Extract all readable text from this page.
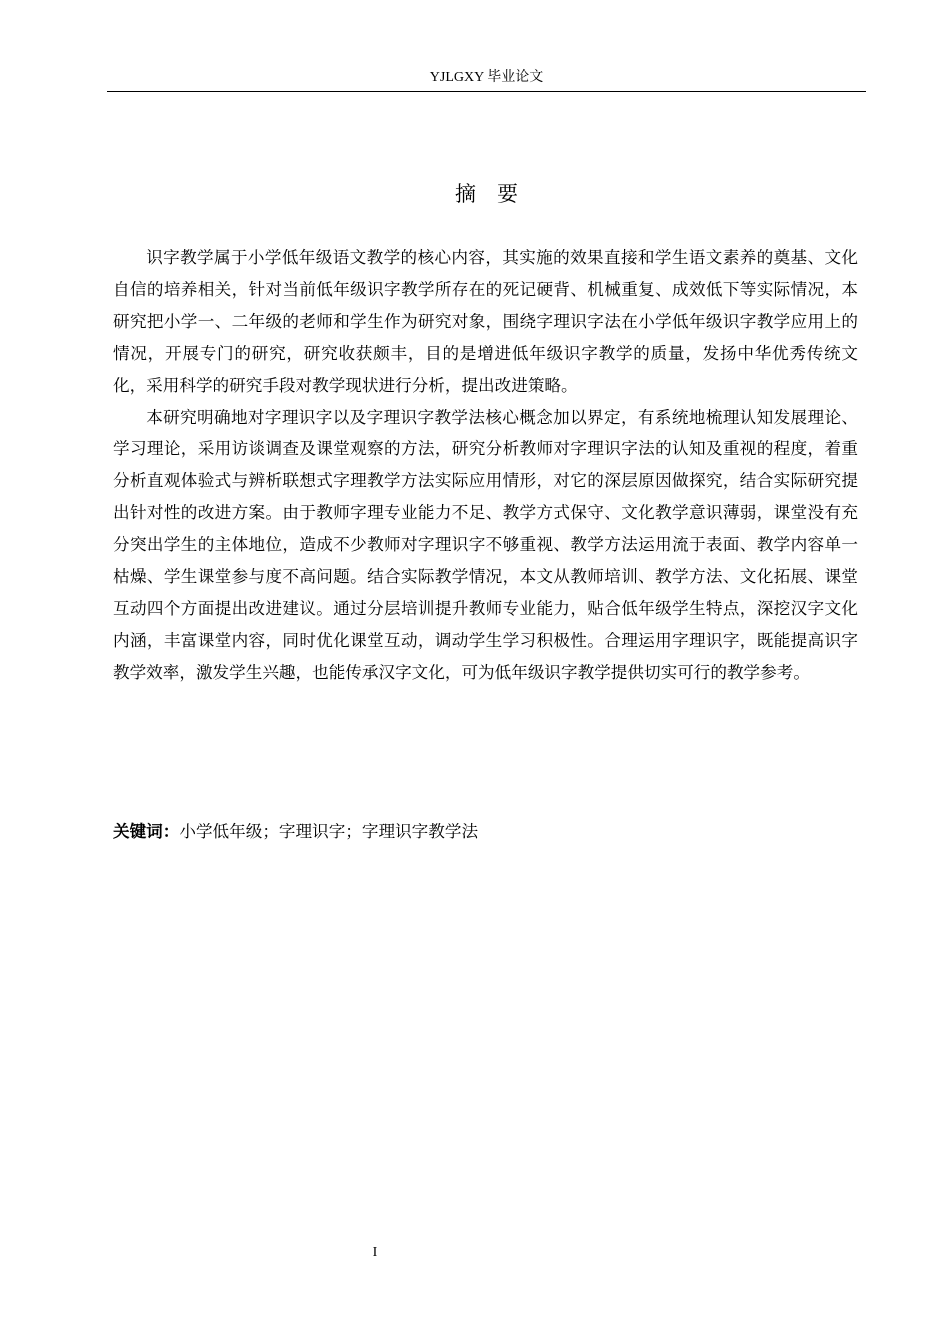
YJLGXY 毕业论文
摘　要

识字教学属于小学低年级语文教学的核心内容，其实施的效果直接和学生语文素养的奠基、文化自信的培养相关，针对当前低年级识字教学所存在的死记硬背、机械重复、成效低下等实际情况，本研究把小学一、二年级的老师和学生作为研究对象，围绕字理识字法在小学低年级识字教学应用上的情况，开展专门的研究，研究收获颇丰，目的是增进低年级识字教学的质量，发扬中华优秀传统文化，采用科学的研究手段对教学现状进行分析，提出改进策略。

本研究明确地对字理识字以及字理识字教学法核心概念加以界定，有系统地梳理认知发展理论、学习理论，采用访谈调查及课堂观察的方法，研究分析教师对字理识字法的认知及重视的程度，着重分析直观体验式与辨析联想式字理教学方法实际应用情形，对它的深层原因做探究，结合实际研究提出针对性的改进方案。由于教师字理专业能力不足、教学方式保守、文化教学意识薄弱，课堂没有充分突出学生的主体地位，造成不少教师对字理识字不够重视、教学方法运用流于表面、教学内容单一枯燥、学生课堂参与度不高问题。结合实际教学情况，本文从教师培训、教学方法、文化拓展、课堂互动四个方面提出改进建议。通过分层培训提升教师专业能力，贴合低年级学生特点，深挖汉字文化内涵，丰富课堂内容，同时优化课堂互动，调动学生学习积极性。合理运用字理识字，既能提高识字教学效率，激发学生兴趣，也能传承汉字文化，可为低年级识字教学提供切实可行的教学参考。

关键词：小学低年级；字理识字；字理识字教学法
I
